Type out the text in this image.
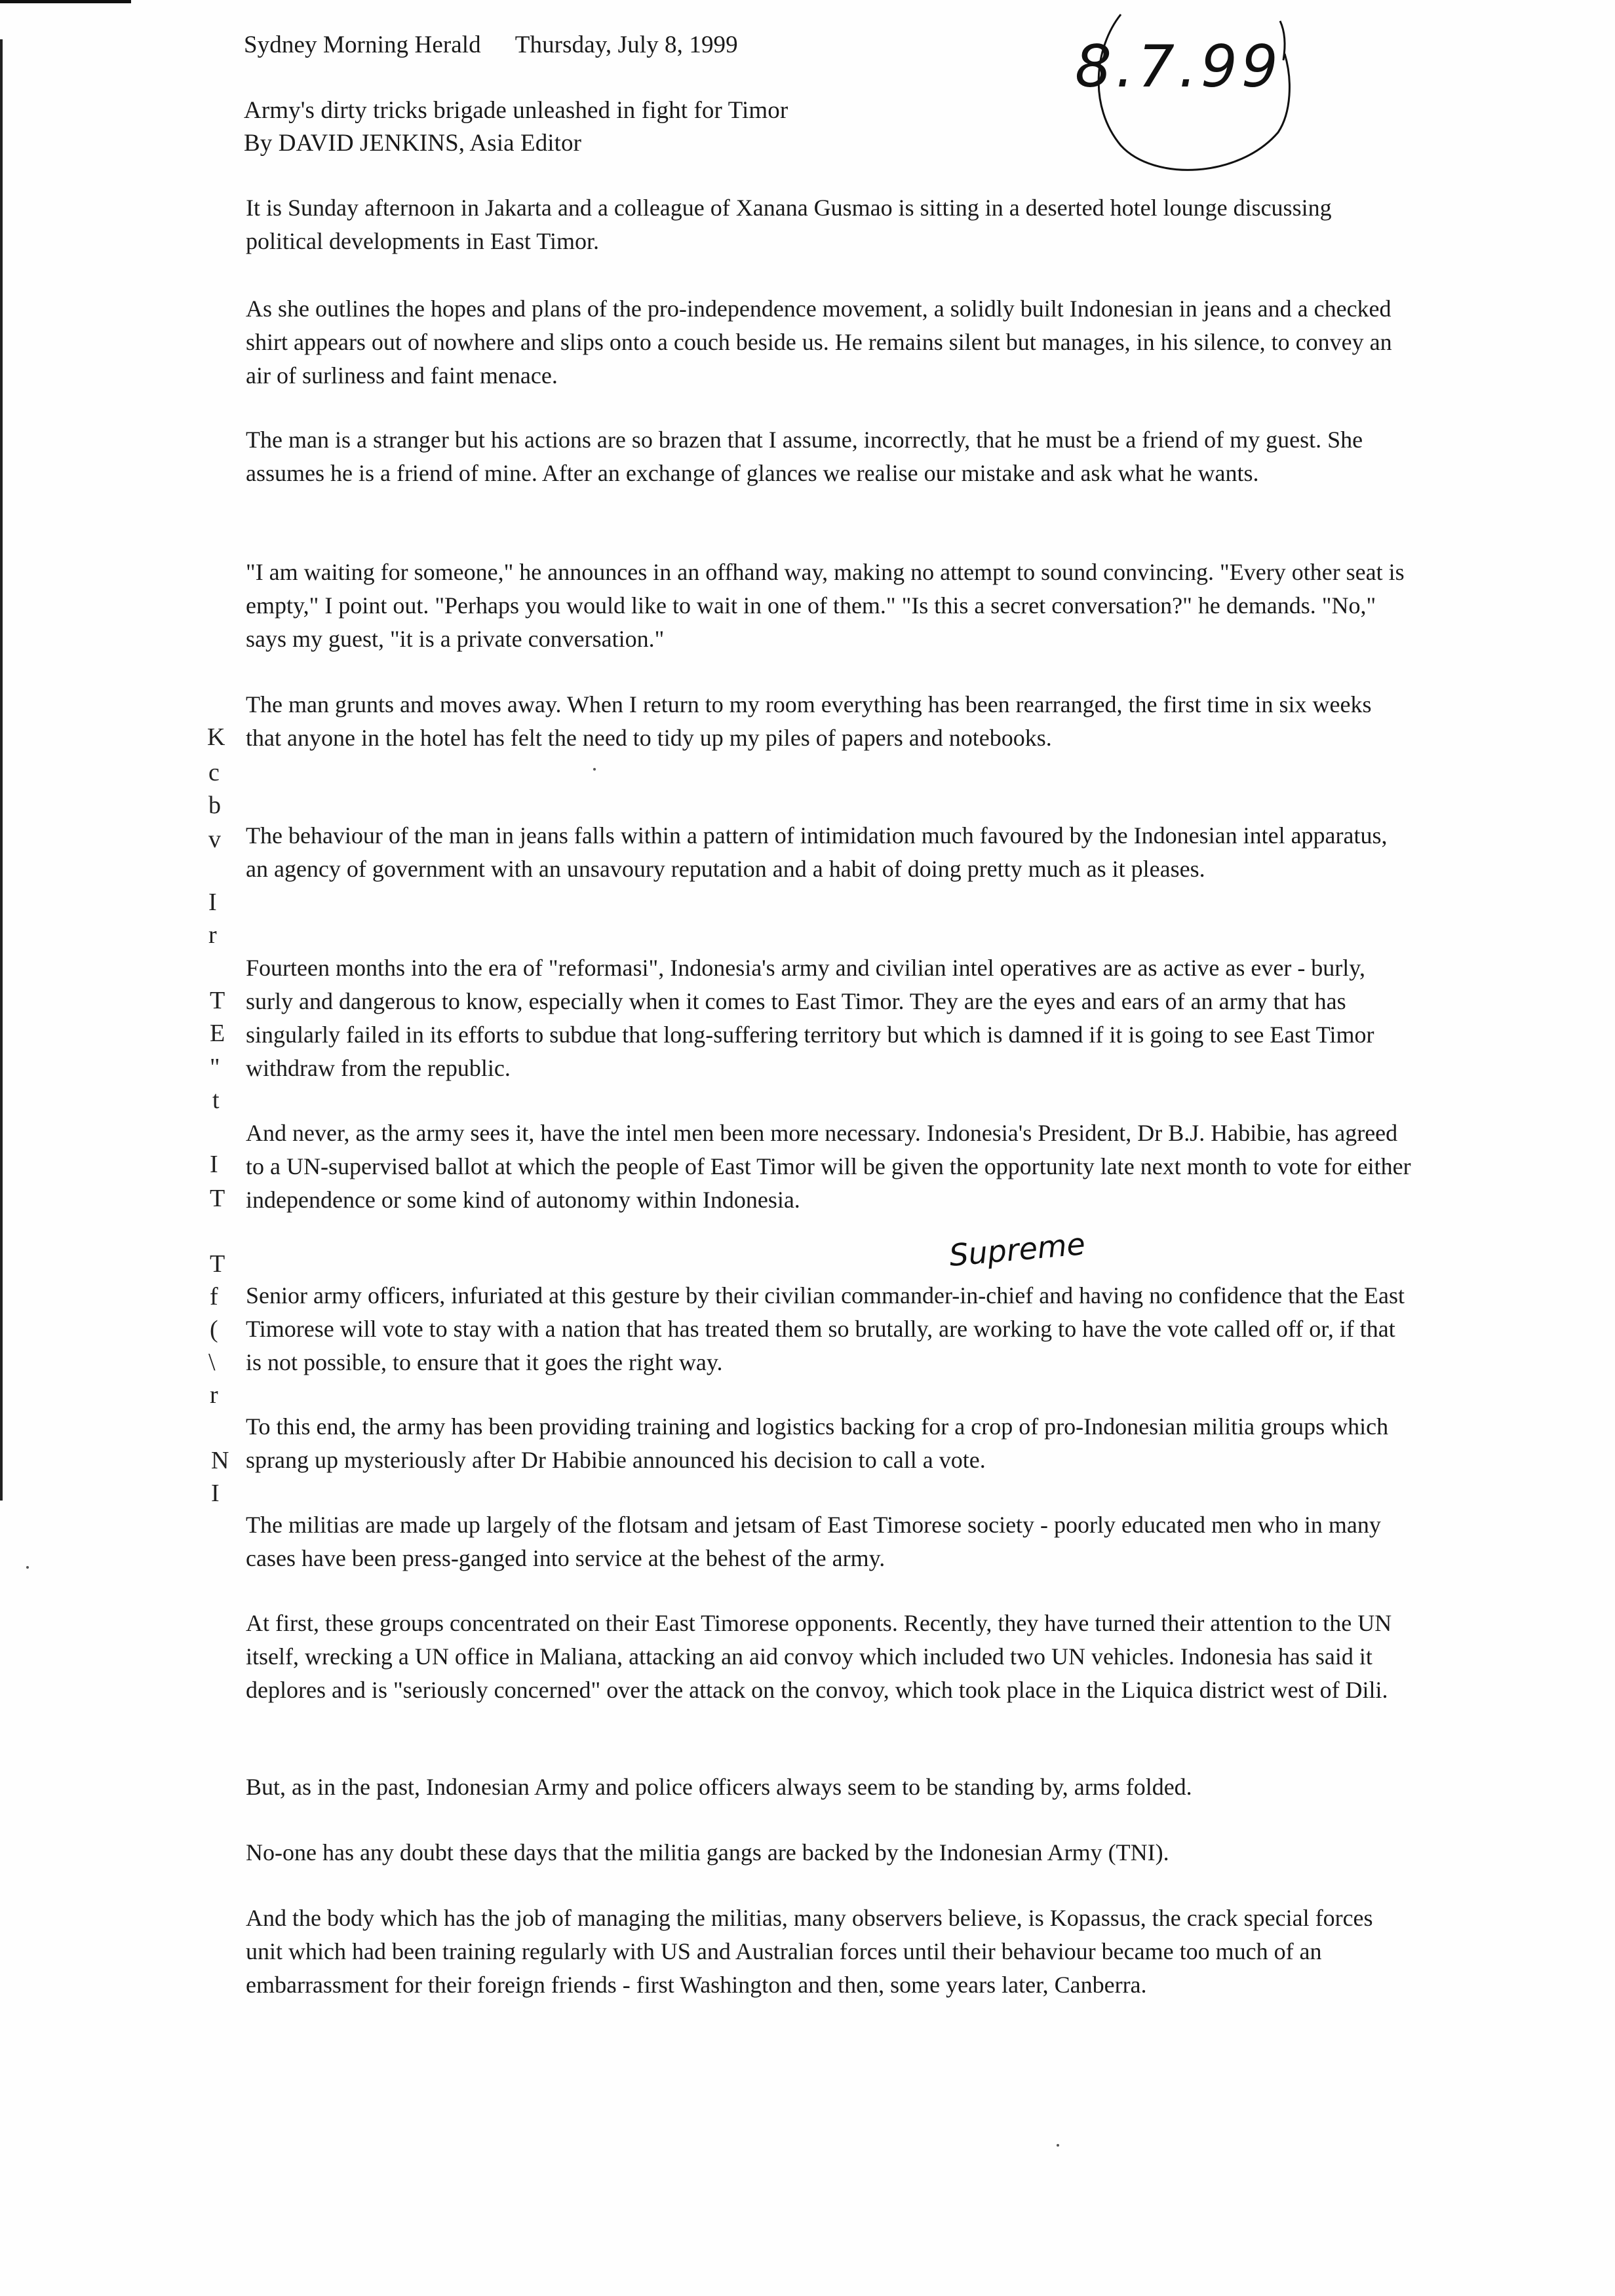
Sydney Morning Herald Thursday, July 8, 1999
Army's dirty tricks brigade unleashed in fight for Timor
By DAVID JENKINS, Asia Editor
8.7.99
It is Sunday afternoon in Jakarta and a colleague of Xanana Gusmao is sitting in a deserted hotel lounge discussing political developments in East Timor.
As she outlines the hopes and plans of the pro-independence movement, a solidly built Indonesian in jeans and a checked shirt appears out of nowhere and slips onto a couch beside us. He remains silent but manages, in his silence, to convey an air of surliness and faint menace.
The man is a stranger but his actions are so brazen that I assume, incorrectly, that he must be a friend of my guest. She assumes he is a friend of mine. After an exchange of glances we realise our mistake and ask what he wants.
"I am waiting for someone," he announces in an offhand way, making no attempt to sound convincing. "Every other seat is empty," I point out. "Perhaps you would like to wait in one of them." "Is this a secret conversation?" he demands. "No," says my guest, "it is a private conversation."
The man grunts and moves away. When I return to my room everything has been rearranged, the first time in six weeks that anyone in the hotel has felt the need to tidy up my piles of papers and notebooks.
The behaviour of the man in jeans falls within a pattern of intimidation much favoured by the Indonesian intel apparatus, an agency of government with an unsavoury reputation and a habit of doing pretty much as it pleases.
Fourteen months into the era of "reformasi", Indonesia's army and civilian intel operatives are as active as ever - burly, surly and dangerous to know, especially when it comes to East Timor. They are the eyes and ears of an army that has singularly failed in its efforts to subdue that long-suffering territory but which is damned if it is going to see East Timor withdraw from the republic.
And never, as the army sees it, have the intel men been more necessary. Indonesia's President, Dr B.J. Habibie, has agreed to a UN-supervised ballot at which the people of East Timor will be given the opportunity late next month to vote for either independence or some kind of autonomy within Indonesia.
Supreme
Senior army officers, infuriated at this gesture by their civilian commander-in-chief and having no confidence that the East Timorese will vote to stay with a nation that has treated them so brutally, are working to have the vote called off or, if that is not possible, to ensure that it goes the right way.
To this end, the army has been providing training and logistics backing for a crop of pro-Indonesian militia groups which sprang up mysteriously after Dr Habibie announced his decision to call a vote.
The militias are made up largely of the flotsam and jetsam of East Timorese society - poorly educated men who in many cases have been press-ganged into service at the behest of the army.
At first, these groups concentrated on their East Timorese opponents. Recently, they have turned their attention to the UN itself, wrecking a UN office in Maliana, attacking an aid convoy which included two UN vehicles. Indonesia has said it deplores and is "seriously concerned" over the attack on the convoy, which took place in the Liquica district west of Dili.
But, as in the past, Indonesian Army and police officers always seem to be standing by, arms folded.
No-one has any doubt these days that the militia gangs are backed by the Indonesian Army (TNI).
And the body which has the job of managing the militias, many observers believe, is Kopassus, the crack special forces unit which had been training regularly with US and Australian forces until their behaviour became too much of an embarrassment for their foreign friends - first Washington and then, some years later, Canberra.
K
c
b
v
I
r
T
E
"
t
I
T
T
f
(
\
r
N
I
